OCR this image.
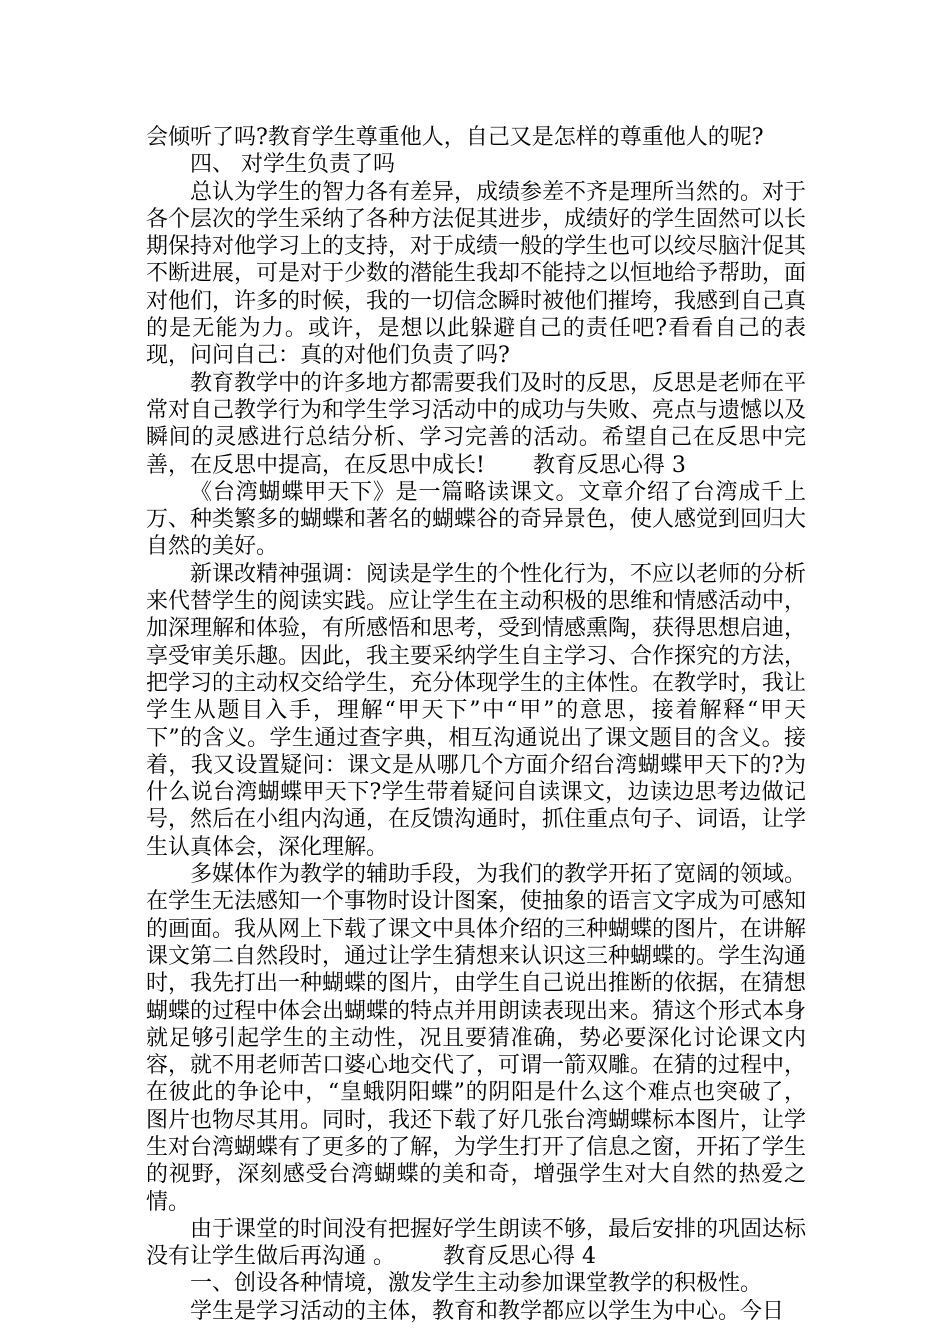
会倾听了吗?教育学生尊重他人，自己又是怎样的尊重他人的呢?

四、 对学生负责了吗

总认为学生的智力各有差异，成绩参差不齐是理所当然的。对于各个层次的学生采纳了各种方法促其进步，成绩好的学生固然可以长期保持对他学习上的支持，对于成绩一般的学生也可以绞尽脑汁促其不断进展，可是对于少数的潜能生我却不能持之以恒地给予帮助，面对他们，许多的时候，我的一切信念瞬时被他们摧垮，我感到自己真的是无能为力。或许，是想以此躲避自己的责任吧?看看自己的表现，问问自己：真的对他们负责了吗?

教育教学中的许多地方都需要我们及时的反思，反思是老师在平常对自己教学行为和学生学习活动中的成功与失败、亮点与遗憾以及瞬间的灵感进行总结分析、学习完善的活动。希望自己在反思中完善，在反思中提高，在反思中成长! 教育反思心得 3

《台湾蝴蝶甲天下》是一篇略读课文。文章介绍了台湾成千上万、种类繁多的蝴蝶和著名的蝴蝶谷的奇异景色，使人感觉到回归大自然的美好。

新课改精神强调：阅读是学生的个性化行为，不应以老师的分析来代替学生的阅读实践。应让学生在主动积极的思维和情感活动中，加深理解和体验，有所感悟和思考，受到情感熏陶，获得思想启迪，享受审美乐趣。因此，我主要采纳学生自主学习、合作探究的方法，把学习的主动权交给学生，充分体现学生的主体性。在教学时，我让学生从题目入手，理解“甲天下”中“甲”的意思，接着解释“甲天下”的含义。学生通过查字典，相互沟通说出了课文题目的含义。接着，我又设置疑问：课文是从哪几个方面介绍台湾蝴蝶甲天下的?为什么说台湾蝴蝶甲天下?学生带着疑问自读课文，边读边思考边做记号，然后在小组内沟通，在反馈沟通时，抓住重点句子、词语，让学生认真体会，深化理解。

多媒体作为教学的辅助手段，为我们的教学开拓了宽阔的领域。在学生无法感知一个事物时设计图案，使抽象的语言文字成为可感知的画面。我从网上下载了课文中具体介绍的三种蝴蝶的图片，在讲解课文第二自然段时，通过让学生猜想来认识这三种蝴蝶的。学生沟通时，我先打出一种蝴蝶的图片，由学生自己说出推断的依据，在猜想蝴蝶的过程中体会出蝴蝶的特点并用朗读表现出来。猜这个形式本身就足够引起学生的主动性，况且要猜准确，势必要深化讨论课文内容，就不用老师苦口婆心地交代了，可谓一箭双雕。在猜的过程中，在彼此的争论中，“皇蛾阴阳蝶”的阴阳是什么这个难点也突破了，图片也物尽其用。同时，我还下载了好几张台湾蝴蝶标本图片，让学生对台湾蝴蝶有了更多的了解，为学生打开了信息之窗，开拓了学生的视野，深刻感受台湾蝴蝶的美和奇，增强学生对大自然的热爱之情。

由于课堂的时间没有把握好学生朗读不够，最后安排的巩固达标没有让学生做后再沟通 。 教育反思心得 4

一、创设各种情境，激发学生主动参加课堂教学的积极性。

学生是学习活动的主体，教育和教学都应以学生为中心。今日
